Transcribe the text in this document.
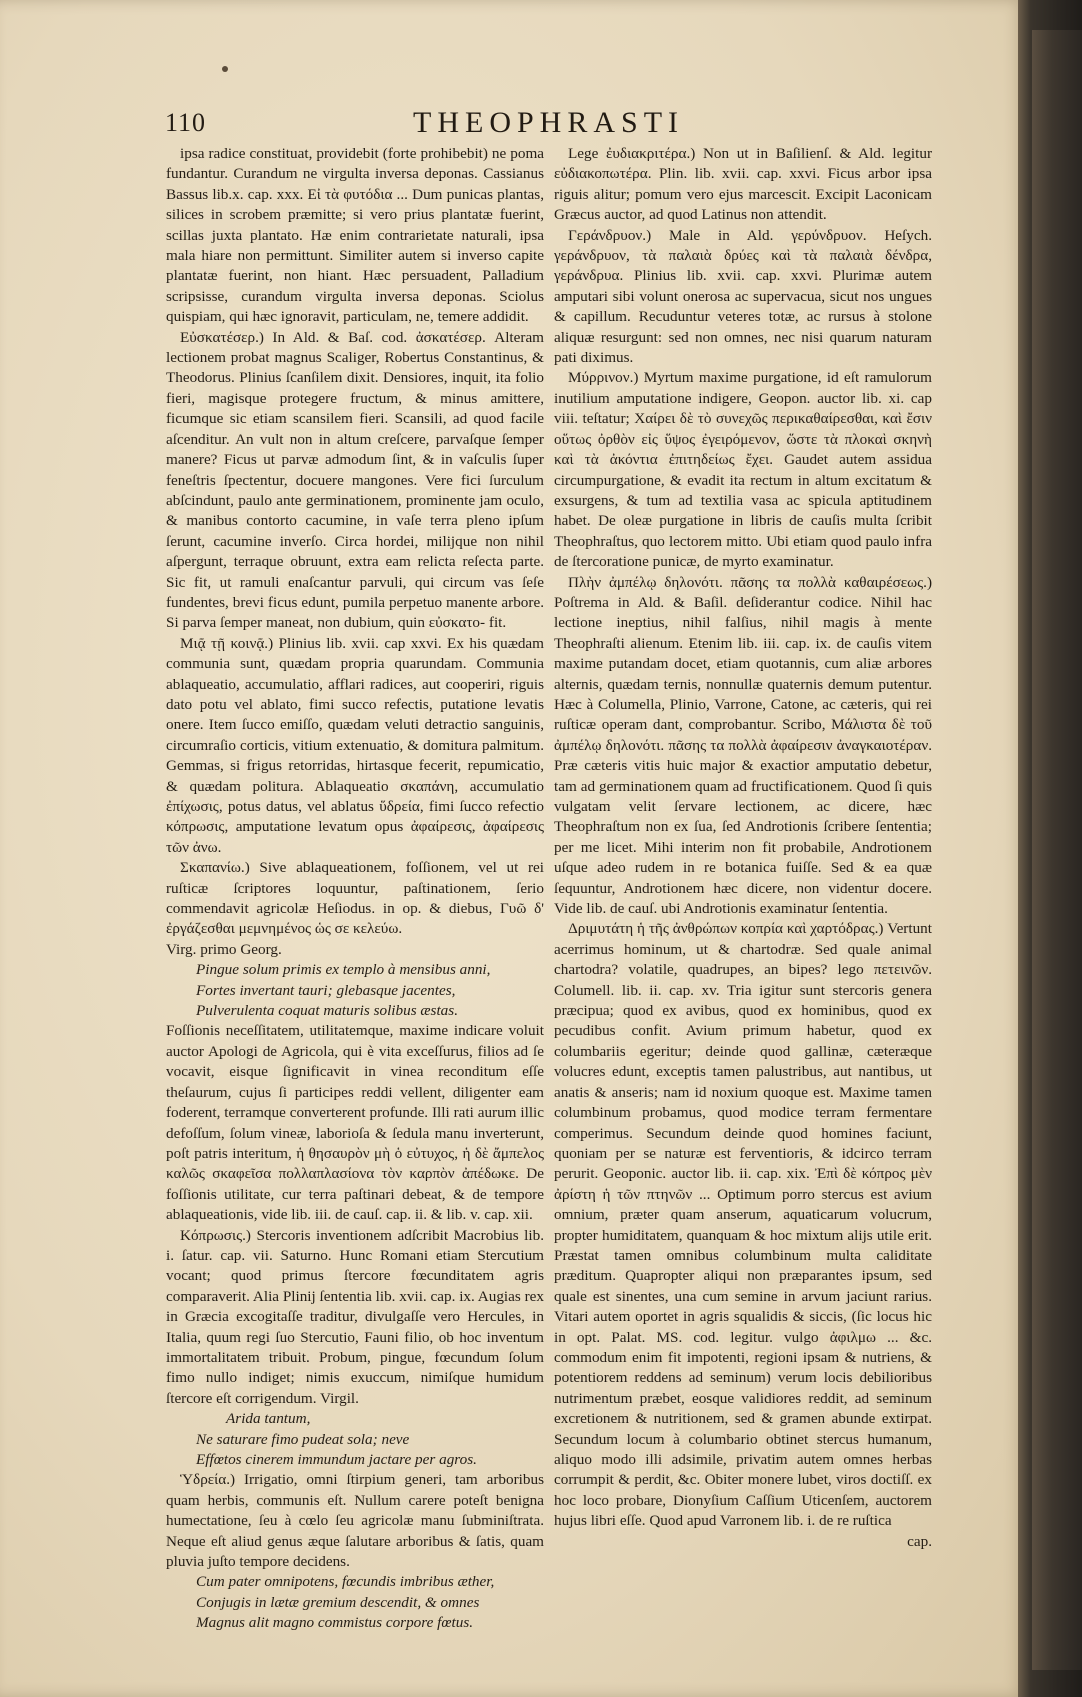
110	THEOPHRASTI

ipsa radice constituat, providebit (forte prohibebit) ne poma fundantur. Curandum ne virgulta inversa deponas. Cassianus Bassus lib.x. cap. xxx. Εἰ τὰ φυτόδια ... Dum punicas plantas, silices in scrobem præmitte; si vero prius plantatæ fuerint, scillas juxta plantato. Hæ enim contrarietate naturali, ipsa mala hiare non permittunt. Similiter autem si inverso capite plantatæ fuerint, non hiant. Hæc persuadent, Palladium scripsisse, curandum virgulta inversa deponas. Sciolus quispiam, qui hæc ignoravit, particulam, ne, temere addidit.

Εὐσκατέσερ.) In Ald. & Baſ. cod. ἀσκατέσερ. Alteram lectionem probat magnus Scaliger, Robertus Constantinus, & Theodorus. Plinius ſcanſilem dixit. Densiores, inquit, ita folio fieri, magisque protegere fructum, & minus amittere, ficumque sic etiam scansilem fieri. Scansili, ad quod facile aſcenditur. An vult non in altum creſcere, parvaſque ſemper manere? Ficus ut parvæ admodum ſint, & in vaſculis ſuper feneſtris ſpectentur, docuere mangones. Vere fici ſurculum abſcindunt, paulo ante germinationem, prominente jam oculo, & manibus contorto cacumine, in vaſe terra pleno ipſum ſerunt, cacumine inverſo. Circa hordei, milijque non nihil aſpergunt, terraque obruunt, extra eam relicta reſecta parte. Sic fit, ut ramuli enaſcantur parvuli, qui circum vas ſeſe fundentes, brevi ficus edunt, pumila perpetuo manente arbore. Si parva ſemper maneat, non dubium, quin εὐσκατο- fit.

Μιᾷ τῇ κοινᾷ.) Plinius lib. xvii. cap xxvi. Ex his quædam communia sunt, quædam propria quarundam. Communia ablaqueatio, accumulatio, afflari radices, aut cooperiri, riguis dato potu vel ablato, fimi succo refectis, putatione levatis onere. Item ſucco emiſſo, quædam veluti detractio sanguinis, circumraſio corticis, vitium extenuatio, & domitura palmitum. Gemmas, si frigus retorridas, hirtasque fecerit, repumicatio, & quædam politura. Ablaqueatio σκαπάνη, accumulatio ἐπίχωσις, potus datus, vel ablatus ὕδρεία, fimi ſucco refectio κόπρωσις, amputatione levatum opus ἀφαίρεσις, ἀφαίρεσις τῶν ἀνω.

Σκαπανίω.) Sive ablaqueationem, foſſionem, vel ut rei ruſticæ ſcriptores loquuntur, paſtinationem, ſerio commendavit agricolæ Heſiodus. in op. & diebus, Γυῶ δ' ἐργάζεσθαι μεμνημένος ὡς σε κελεύω.

Virg. primo Georg.

Pingue solum primis ex templo à mensibus anni,

Fortes invertant tauri; glebasque jacentes,

Pulverulenta coquat maturis solibus æstas.

Foſſionis neceſſitatem, utilitatemque, maxime indicare voluit auctor Apologi de Agricola, qui è vita exceſſurus, filios ad ſe vocavit, eisque ſignificavit in vinea reconditum eſſe theſaurum, cujus ſi participes reddi vellent, diligenter eam foderent, terramque converterent profunde. Illi rati aurum illic defoſſum, ſolum vineæ, laborioſa & ſedula manu inverterunt, poſt patris interitum, ἡ θησαυρὸν μὴ ὁ εὐτυχος, ἡ δὲ ἄμπελος καλῶς σκαφεῖσα πολλαπλασίονα τὸν καρπὸν ἀπέδωκε. De foſſionis utilitate, cur terra paſtinari debeat, & de tempore ablaqueationis, vide lib. iii. de cauſ. cap. ii. & lib. v. cap. xii.

Κόπρωσις.) Stercoris inventionem adſcribit Macrobius lib. i. ſatur. cap. vii. Saturno. Hunc Romani etiam Stercutium vocant; quod primus ſtercore fœcunditatem agris comparaverit. Alia Plinij ſententia lib. xvii. cap. ix. Augias rex in Græcia excogitaſſe traditur, divulgaſſe vero Hercules, in Italia, quum regi ſuo Stercutio, Fauni filio, ob hoc inventum immortalitatem tribuit. Probum, pingue, fœcundum ſolum fimo nullo indiget; nimis exuccum, nimiſque humidum ſtercore eſt corrigendum. Virgil.

Arida tantum,

Ne saturare fimo pudeat sola; neve

Effœtos cinerem immundum jactare per agros.

Ὑδρεία.) Irrigatio, omni ſtirpium generi, tam arboribus quam herbis, communis eſt. Nullum carere poteſt benigna humectatione, ſeu à cœlo ſeu agricolæ manu ſubminiſtrata. Neque eſt aliud genus æque ſalutare arboribus & ſatis, quam pluvia juſto tempore decidens.

Cum pater omnipotens, fœcundis imbribus æther,

Conjugis in lætæ gremium descendit, & omnes

Magnus alit magno commistus corpore fœtus.

Lege ἐυδιακριτέρα.) Non ut in Baſilienſ. & Ald. legitur εὐδιακοπωτέρα. Plin. lib. xvii. cap. xxvi. Ficus arbor ipsa riguis alitur; pomum vero ejus marcescit. Excipit Laconicam Græcus auctor, ad quod Latinus non attendit.

Γεράνδρυον.) Male in Ald. γερύνδρυον. Heſych. γεράνδρυον, τὰ παλαιὰ δρύες καὶ τὰ παλαιὰ δένδρα, γεράνδρυα. Plinius lib. xvii. cap. xxvi. Plurimæ autem amputari sibi volunt onerosa ac supervacua, sicut nos ungues & capillum. Recuduntur veteres totæ, ac rursus à stolone aliquæ resurgunt: sed non omnes, nec nisi quarum naturam pati diximus.

Μύρρινον.) Myrtum maxime purgatione, id eſt ramulorum inutilium amputatione indigere, Geopon. auctor lib. xi. cap viii. teſtatur; Χαίρει δὲ τὸ συνεχῶς περικαθαίρεσθαι, καὶ ἔσιν οὕτως ὀρθὸν εἰς ὕψος ἐγειρόμενον, ὥστε τὰ πλοκαὶ σκηνὴ καὶ τὰ ἀκόντια ἐπιτηδείως ἔχει. Gaudet autem assidua circumpurgatione, & evadit ita rectum in altum excitatum & exsurgens, & tum ad textilia vasa ac spicula aptitudinem habet. De oleæ purgatione in libris de cauſis multa ſcribit Theophraſtus, quo lectorem mitto. Ubi etiam quod paulo infra de ſtercoratione punicæ, de myrto examinatur.

Πλὴν ἀμπέλῳ δηλονότι. πᾶσης τα πολλὰ καθαιρέσεως.) Poſtrema in Ald. & Baſil. deſiderantur codice. Nihil hac lectione ineptius, nihil falſius, nihil magis à mente Theophraſti alienum. Etenim lib. iii. cap. ix. de cauſis vitem maxime putandam docet, etiam quotannis, cum aliæ arbores alternis, quædam ternis, nonnullæ quaternis demum putentur. Hæc à Columella, Plinio, Varrone, Catone, ac cæteris, qui rei ruſticæ operam dant, comprobantur. Scribo, Μάλιστα δὲ τοῦ ἀμπέλῳ δηλονότι. πᾶσης τα πολλὰ ἀφαίρεσιν ἀναγκαιοτέραν. Præ cæteris vitis huic major & exactior amputatio debetur, tam ad germinationem quam ad fructificationem. Quod ſi quis vulgatam velit ſervare lectionem, ac dicere, hæc Theophraſtum non ex ſua, ſed Androtionis ſcribere ſententia; per me licet. Mihi interim non fit probabile, Androtionem uſque adeo rudem in re botanica fuiſſe. Sed & ea quæ ſequuntur, Androtionem hæc dicere, non videntur docere. Vide lib. de cauſ. ubi Androtionis examinatur ſententia.

Δριμυτάτη ἡ τῆς ἀνθρώπων κοπρία καὶ χαρτόδρας.) Vertunt acerrimus hominum, ut & chartodræ. Sed quale animal chartodra? volatile, quadrupes, an bipes? lego πετεινῶν. Columell. lib. ii. cap. xv. Tria igitur sunt stercoris genera præcipua; quod ex avibus, quod ex hominibus, quod ex pecudibus confit. Avium primum habetur, quod ex columbariis egeritur; deinde quod gallinæ, cæteræque volucres edunt, exceptis tamen palustribus, aut nantibus, ut anatis & anseris; nam id noxium quoque est. Maxime tamen columbinum probamus, quod modice terram fermentare comperimus. Secundum deinde quod homines faciunt, quoniam per se naturæ est ferventioris, & idcirco terram perurit. Geoponic. auctor lib. ii. cap. xix. Ἐπὶ δὲ κόπρος μὲν ἀρίστη ἡ τῶν πτηνῶν ... Optimum porro stercus est avium omnium, præter quam anserum, aquaticarum volucrum, propter humiditatem, quanquam & hoc mixtum alijs utile erit. Præstat tamen omnibus columbinum multa caliditate præditum. Quapropter aliqui non præparantes ipsum, sed quale est sinentes, una cum semine in arvum jaciunt rarius. Vitari autem oportet in agris squalidis & siccis, (ſic locus hic in opt. Palat. MS. cod. legitur. vulgo ἀφιλμω ... &c. commodum enim fit impotenti, regioni ipsam & nutriens, & potentiorem reddens ad seminum) verum locis debilioribus nutrimentum præbet, eosque validiores reddit, ad seminum excretionem & nutritionem, sed & gramen abunde extirpat. Secundum locum à columbario obtinet stercus humanum, aliquo modo illi adsimile, privatim autem omnes herbas corrumpit & perdit, &c. Obiter monere lubet, viros doctiſſ. ex hoc loco probare, Dionyſium Caſſium Uticenſem, auctorem hujus libri eſſe. Quod apud Varronem lib. i. de re ruſtica

cap.
